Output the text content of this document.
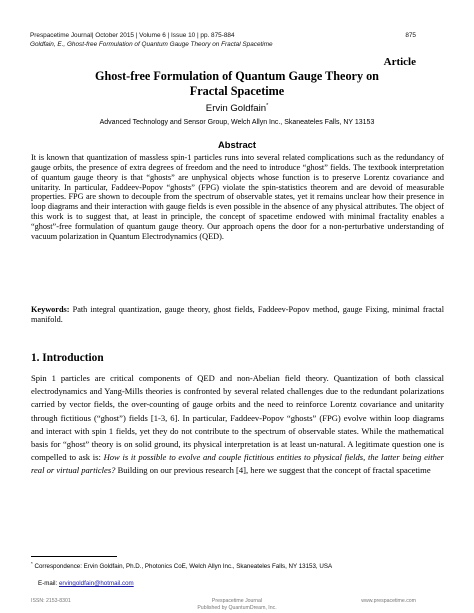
Prespacetime Journal| October 2015 | Volume 6 | Issue 10 | pp. 875-884	875
Goldfain, E., Ghost-free Formulation of Quantum Gauge Theory on Fractal Spacetime
Article
Ghost-free Formulation of Quantum Gauge Theory on
Fractal Spacetime
Ervin Goldfain*
Advanced Technology and Sensor Group, Welch Allyn Inc., Skaneateles Falls, NY 13153
Abstract
It is known that quantization of massless spin-1 particles runs into several related complications such as the redundancy of gauge orbits, the presence of extra degrees of freedom and the need to introduce “ghost” fields. The textbook interpretation of quantum gauge theory is that “ghosts” are unphysical objects whose function is to preserve Lorentz covariance and unitarity. In particular, Faddeev-Popov “ghosts” (FPG) violate the spin-statistics theorem and are devoid of measurable properties. FPG are shown to decouple from the spectrum of observable states, yet it remains unclear how their presence in loop diagrams and their interaction with gauge fields is even possible in the absence of any physical attributes. The object of this work is to suggest that, at least in principle, the concept of spacetime endowed with minimal fractality enables a “ghost”-free formulation of quantum gauge theory. Our approach opens the door for a non-perturbative understanding of vacuum polarization in Quantum Electrodynamics (QED).
Keywords: Path integral quantization, gauge theory, ghost fields, Faddeev-Popov method, gauge Fixing, minimal fractal manifold.
1. Introduction
Spin 1 particles are critical components of QED and non-Abelian field theory. Quantization of both classical electrodynamics and Yang-Mills theories is confronted by several related challenges due to the redundant polarizations carried by vector fields, the over-counting of gauge orbits and the need to reinforce Lorentz covariance and unitarity through fictitious (“ghost”) fields [1-3, 6]. In particular, Faddeev-Popov “ghosts” (FPG) evolve within loop diagrams and interact with spin 1 fields, yet they do not contribute to the spectrum of observable states. While the mathematical basis for “ghost” theory is on solid ground, its physical interpretation is at least un-natural. A legitimate question one is compelled to ask is: How is it possible to evolve and couple fictitious entities to physical fields, the latter being either real or virtual particles? Building on our previous research [4], here we suggest that the concept of fractal spacetime
* Correspondence: Ervin Goldfain, Ph.D., Photonics CoE, Welch Allyn Inc., Skaneateles Falls, NY 13153, USA
E-mail: ervingoldfain@hotmail.com
ISSN: 2153-8301	Prespacetime Journal
Published by QuantumDream, Inc.
www.prespacetime.com
